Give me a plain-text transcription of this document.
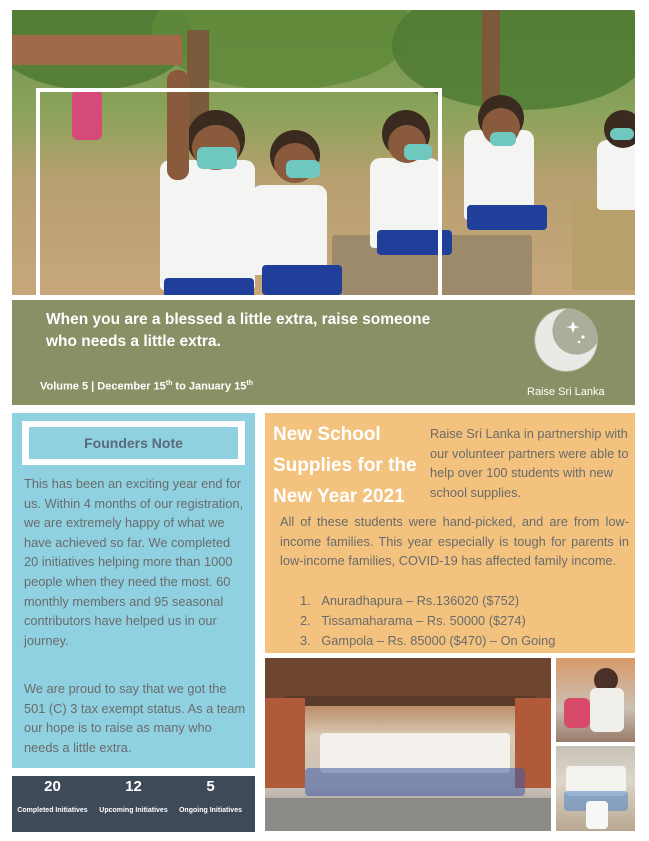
When you are a blessed a little extra, raise someone who needs a little extra.
Volume 5 | December 15th to January 15th
Raise Sri Lanka
Founders Note
This has been an exciting year end for us. Within 4 months of our registration, we are extremely happy of what we have achieved so far. We completed 20 initiatives helping more than 1000 people when they need the most. 60 monthly members and 95 seasonal contributors have helped us in our journey.
We are proud to say that we got the 501 (C) 3 tax exempt status. As a team our hope is to raise as many who needs a little extra.
20
Completed Initiatives
12
Upcoming Initiatives
5
Ongoing Initiatives
New School Supplies for the New Year 2021
Raise Sri Lanka in partnership with our volunteer partners were able to help over 100 students with new school supplies.
All of these students were hand-picked, and are from low-income families. This year especially is tough for parents in low-income families, COVID-19 has affected family income.
1.   Anuradhapura – Rs.136020 ($752)
2.   Tissamaharama – Rs. 50000 ($274)
3.   Gampola – Rs. 85000 ($470) – On Going
